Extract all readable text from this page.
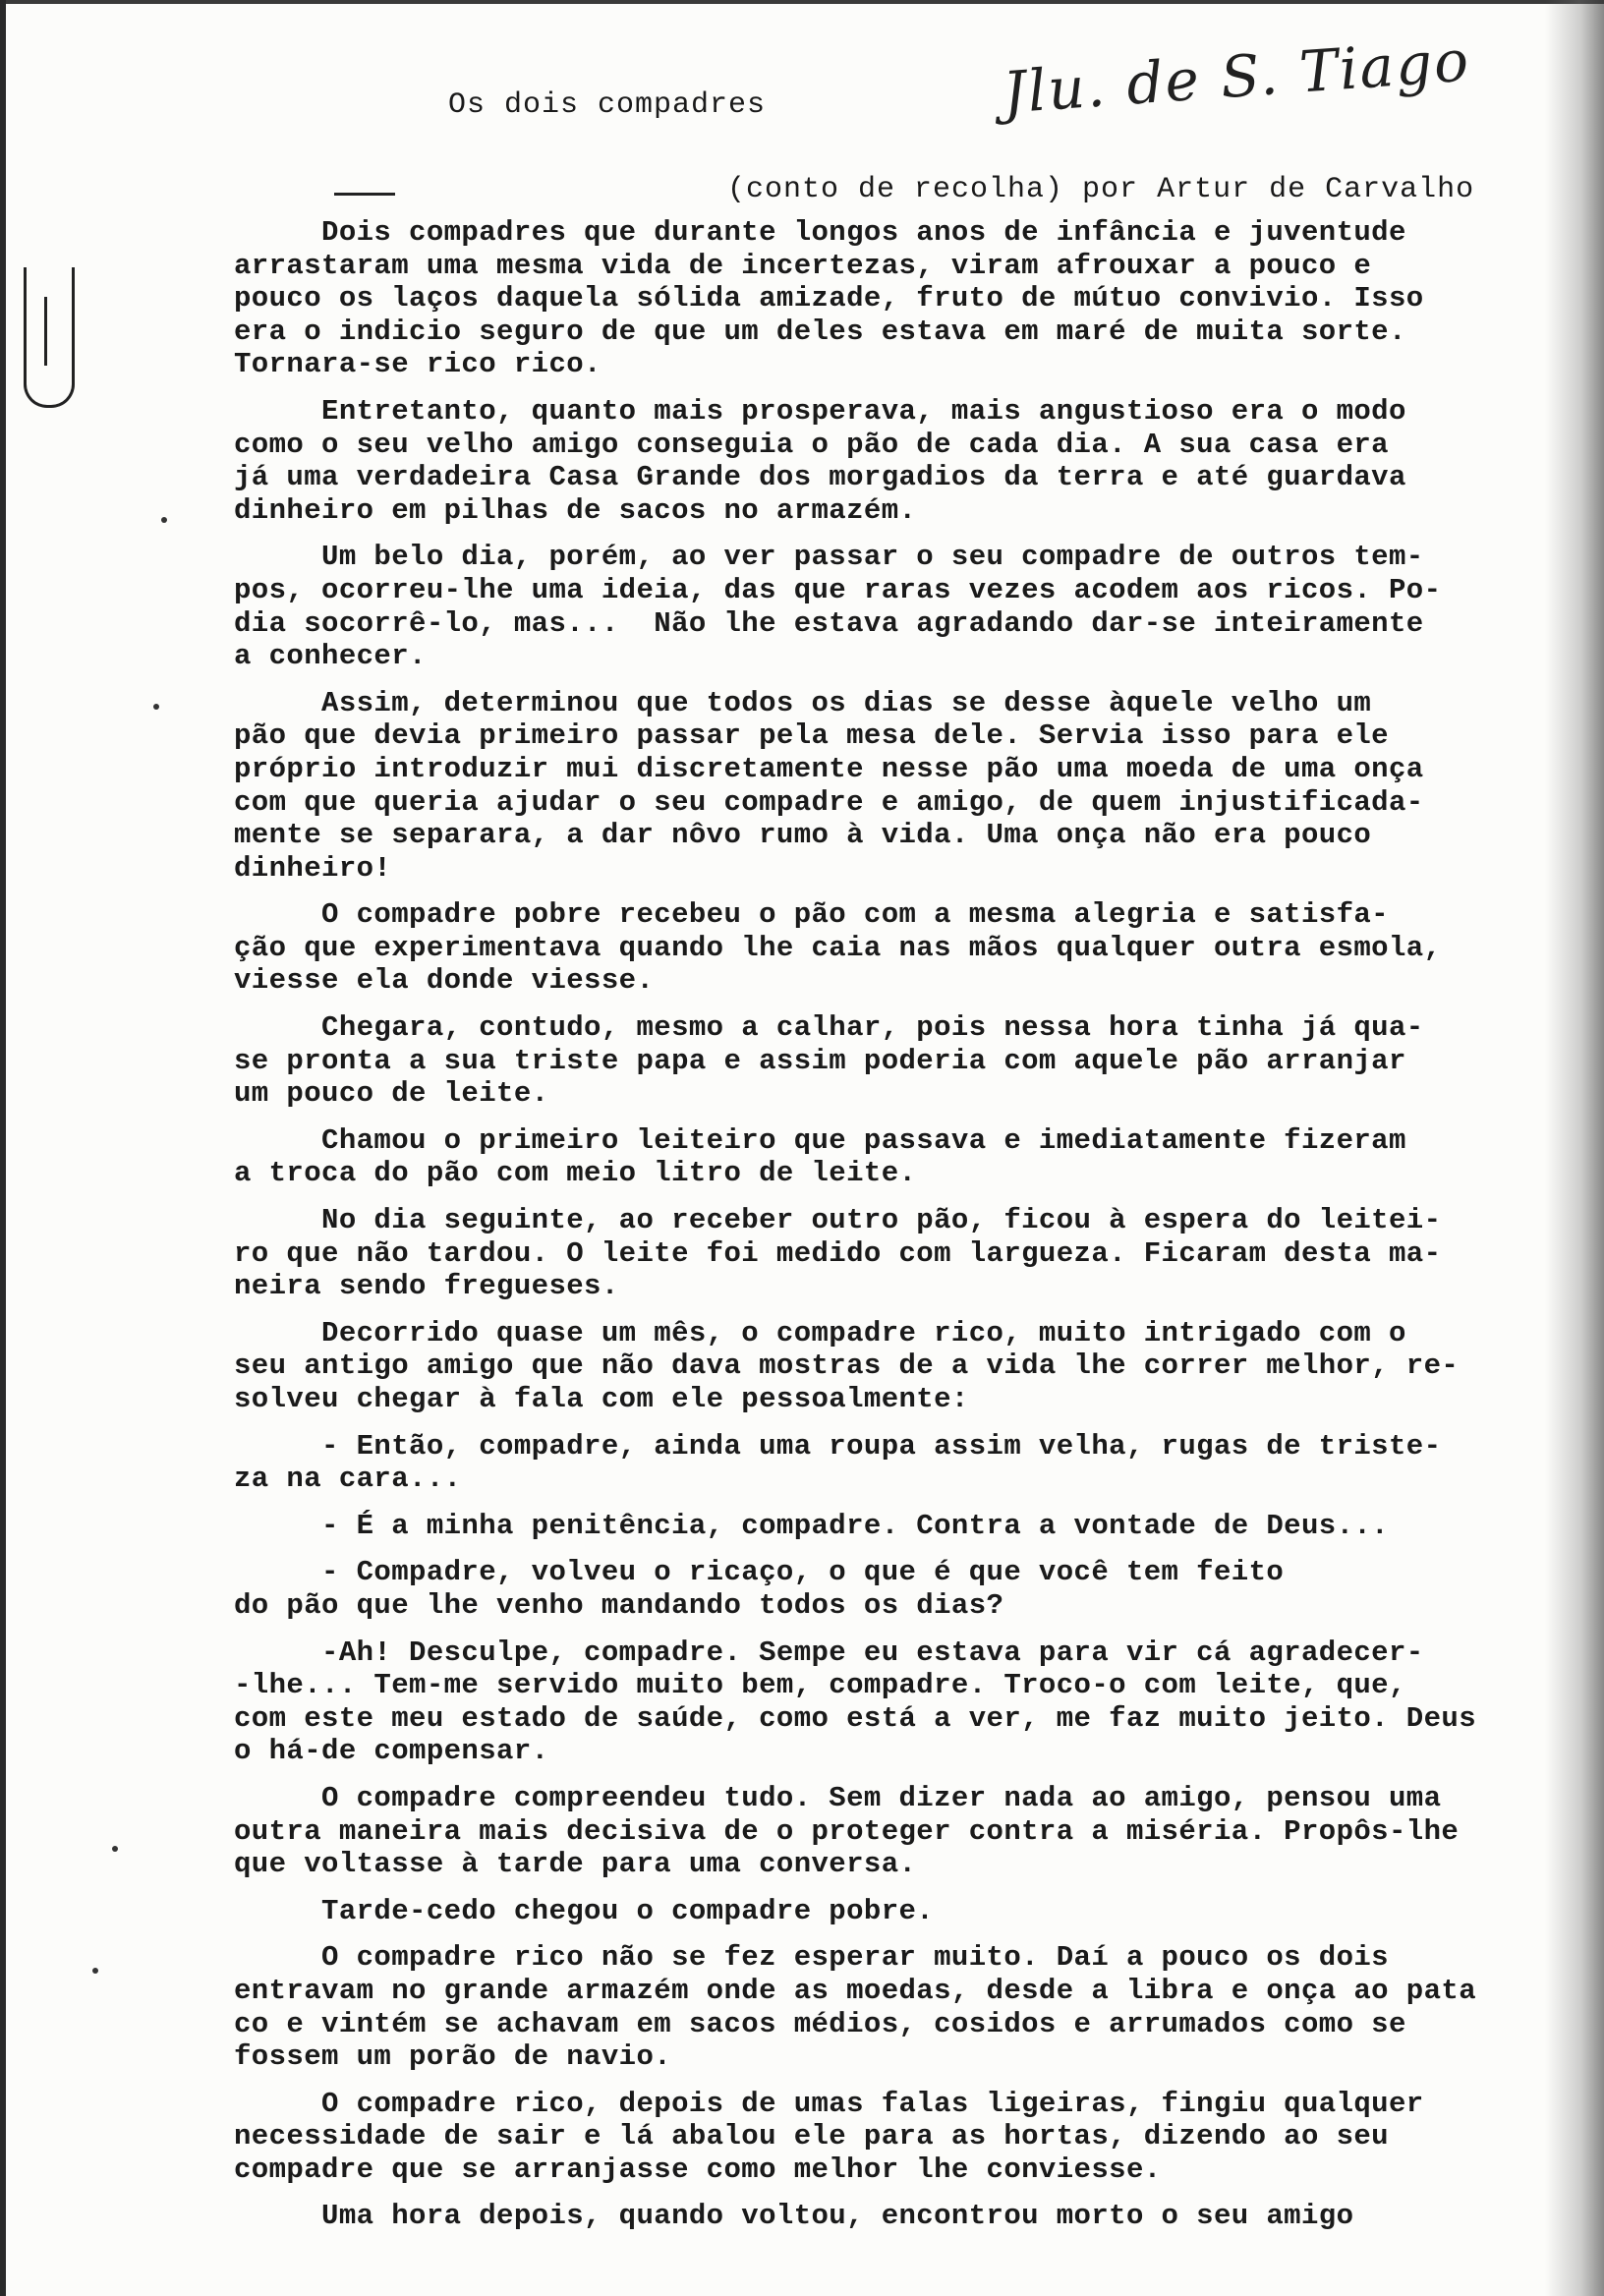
Jlu. de S. Tiago
Os dois compadres
(conto de recolha) por Artur de Carvalho
Dois compadres que durante longos anos de infância e juventude
arrastaram uma mesma vida de incertezas, viram afrouxar a pouco e
pouco os laços daquela sólida amizade, fruto de mútuo convivio. Isso
era o indicio seguro de que um deles estava em maré de muita sorte.
Tornara-se rico rico.
Entretanto, quanto mais prosperava, mais angustioso era o modo
como o seu velho amigo conseguia o pão de cada dia. A sua casa era
já uma verdadeira Casa Grande dos morgadios da terra e até guardava
dinheiro em pilhas de sacos no armazém.
Um belo dia, porém, ao ver passar o seu compadre de outros tem-
pos, ocorreu-lhe uma ideia, das que raras vezes acodem aos ricos. Po-
dia socorrê-lo, mas...  Não lhe estava agradando dar-se inteiramente
a conhecer.
Assim, determinou que todos os dias se desse àquele velho um
pão que devia primeiro passar pela mesa dele. Servia isso para ele
próprio introduzir mui discretamente nesse pão uma moeda de uma onça
com que queria ajudar o seu compadre e amigo, de quem injustificada-
mente se separara, a dar nôvo rumo à vida. Uma onça não era pouco
dinheiro!
O compadre pobre recebeu o pão com a mesma alegria e satisfa-
ção que experimentava quando lhe caia nas mãos qualquer outra esmola,
viesse ela donde viesse.
Chegara, contudo, mesmo a calhar, pois nessa hora tinha já qua-
se pronta a sua triste papa e assim poderia com aquele pão arranjar
um pouco de leite.
Chamou o primeiro leiteiro que passava e imediatamente fizeram
a troca do pão com meio litro de leite.
No dia seguinte, ao receber outro pão, ficou à espera do leitei-
ro que não tardou. O leite foi medido com largueza. Ficaram desta ma-
neira sendo fregueses.
Decorrido quase um mês, o compadre rico, muito intrigado com o
seu antigo amigo que não dava mostras de a vida lhe correr melhor, re-
solveu chegar à fala com ele pessoalmente:
- Então, compadre, ainda uma roupa assim velha, rugas de triste-
za na cara...
- É a minha penitência, compadre. Contra a vontade de Deus...
- Compadre, volveu o ricaço, o que é que você tem feito
do pão que lhe venho mandando todos os dias?
-Ah! Desculpe, compadre. Sempe eu estava para vir cá agradecer-
-lhe... Tem-me servido muito bem, compadre. Troco-o com leite, que,
com este meu estado de saúde, como está a ver, me faz muito jeito. Deus
o há-de compensar.
O compadre compreendeu tudo. Sem dizer nada ao amigo, pensou uma
outra maneira mais decisiva de o proteger contra a miséria. Propôs-lhe
que voltasse à tarde para uma conversa.
Tarde-cedo chegou o compadre pobre.
O compadre rico não se fez esperar muito. Daí a pouco os dois
entravam no grande armazém onde as moedas, desde a libra e onça ao pata
co e vintém se achavam em sacos médios, cosidos e arrumados como se
fossem um porão de navio.
O compadre rico, depois de umas falas ligeiras, fingiu qualquer
necessidade de sair e lá abalou ele para as hortas, dizendo ao seu
compadre que se arranjasse como melhor lhe conviesse.
Uma hora depois, quando voltou, encontrou morto o seu amigo
